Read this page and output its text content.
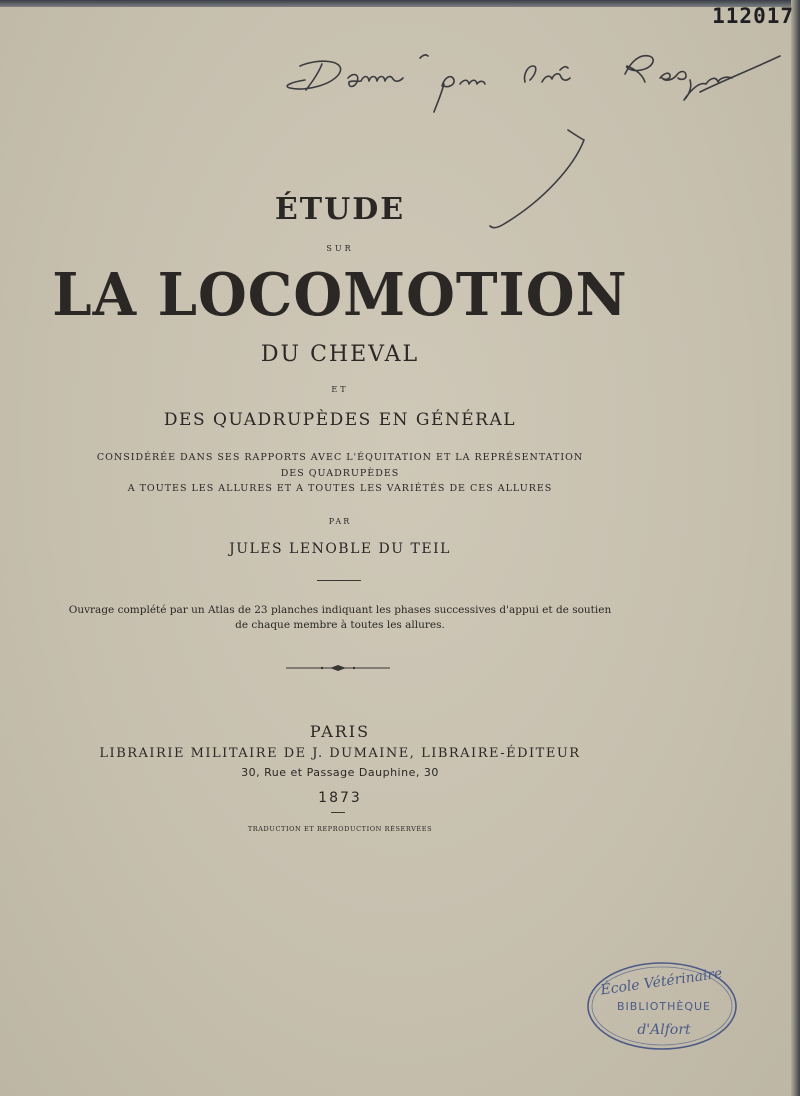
112017
ÉTUDE
SUR
LA LOCOMOTION
DU CHEVAL
ET
DES QUADRUPÈDES EN GÉNÉRAL
CONSIDÉRÉE DANS SES RAPPORTS AVEC L'ÉQUITATION ET LA REPRÉSENTATION
DES QUADRUPÈDES
A TOUTES LES ALLURES ET A TOUTES LES VARIÉTÉS DE CES ALLURES
PAR
JULES LENOBLE DU TEIL
Ouvrage complété par un Atlas de 23 planches indiquant les phases successives d'appui et de soutien
de chaque membre à toutes les allures.
PARIS
LIBRAIRIE MILITAIRE DE J. DUMAINE, LIBRAIRE-ÉDITEUR
30, Rue et Passage Dauphine, 30
1873
TRADUCTION ET REPRODUCTION RÉSERVÉES
École Vétérinaire
BIBLIOTHÈQUE
d'Alfort
